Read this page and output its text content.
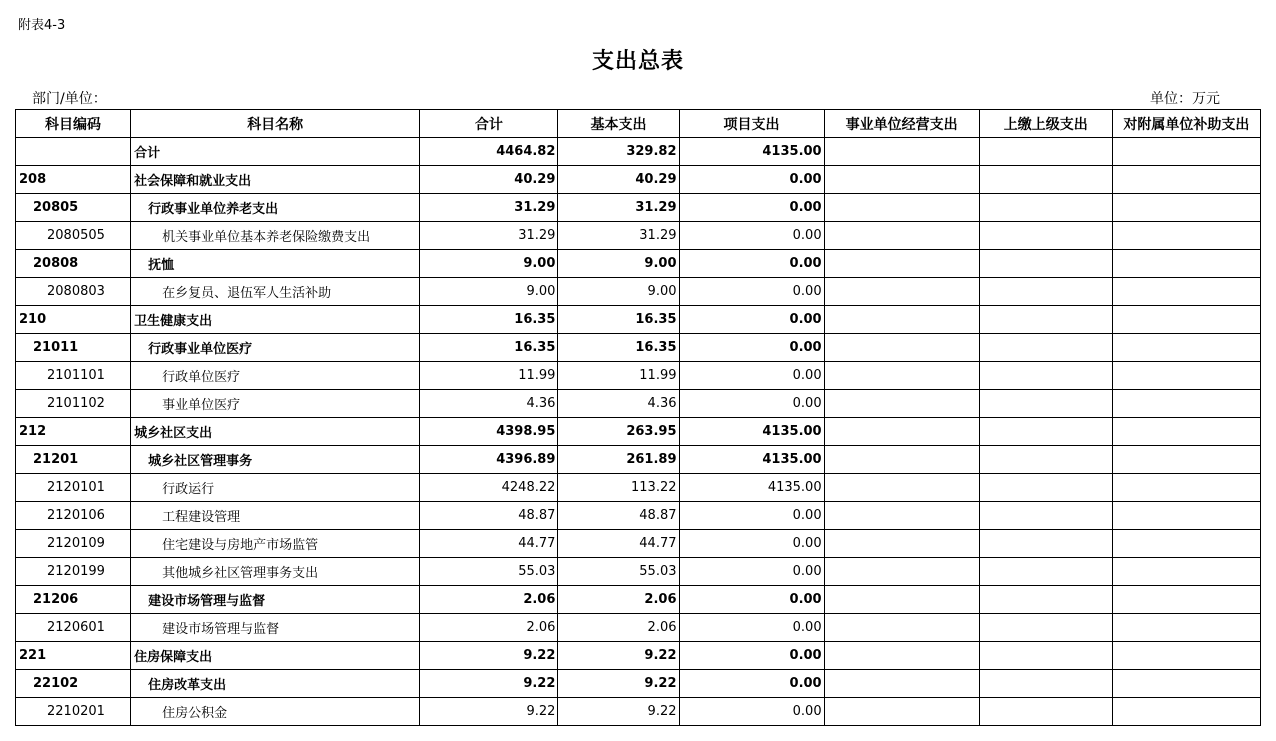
附表4-3
支出总表
部门/单位：	单位：万元
科目编码	科目名称	合计	基本支出	项目支出	事业单位经营支出	上缴上级支出	对附属单位补助支出
	合计	4464.82	329.82	4135.00			
208	社会保障和就业支出	40.29	40.29	0.00			
20805	行政事业单位养老支出	31.29	31.29	0.00			
2080505	机关事业单位基本养老保险缴费支出	31.29	31.29	0.00			
20808	抚恤	9.00	9.00	0.00			
2080803	在乡复员、退伍军人生活补助	9.00	9.00	0.00			
210	卫生健康支出	16.35	16.35	0.00			
21011	行政事业单位医疗	16.35	16.35	0.00			
2101101	行政单位医疗	11.99	11.99	0.00			
2101102	事业单位医疗	4.36	4.36	0.00			
212	城乡社区支出	4398.95	263.95	4135.00			
21201	城乡社区管理事务	4396.89	261.89	4135.00			
2120101	行政运行	4248.22	113.22	4135.00			
2120106	工程建设管理	48.87	48.87	0.00			
2120109	住宅建设与房地产市场监管	44.77	44.77	0.00			
2120199	其他城乡社区管理事务支出	55.03	55.03	0.00			
21206	建设市场管理与监督	2.06	2.06	0.00			
2120601	建设市场管理与监督	2.06	2.06	0.00			
221	住房保障支出	9.22	9.22	0.00			
22102	住房改革支出	9.22	9.22	0.00			
2210201	住房公积金	9.22	9.22	0.00			
